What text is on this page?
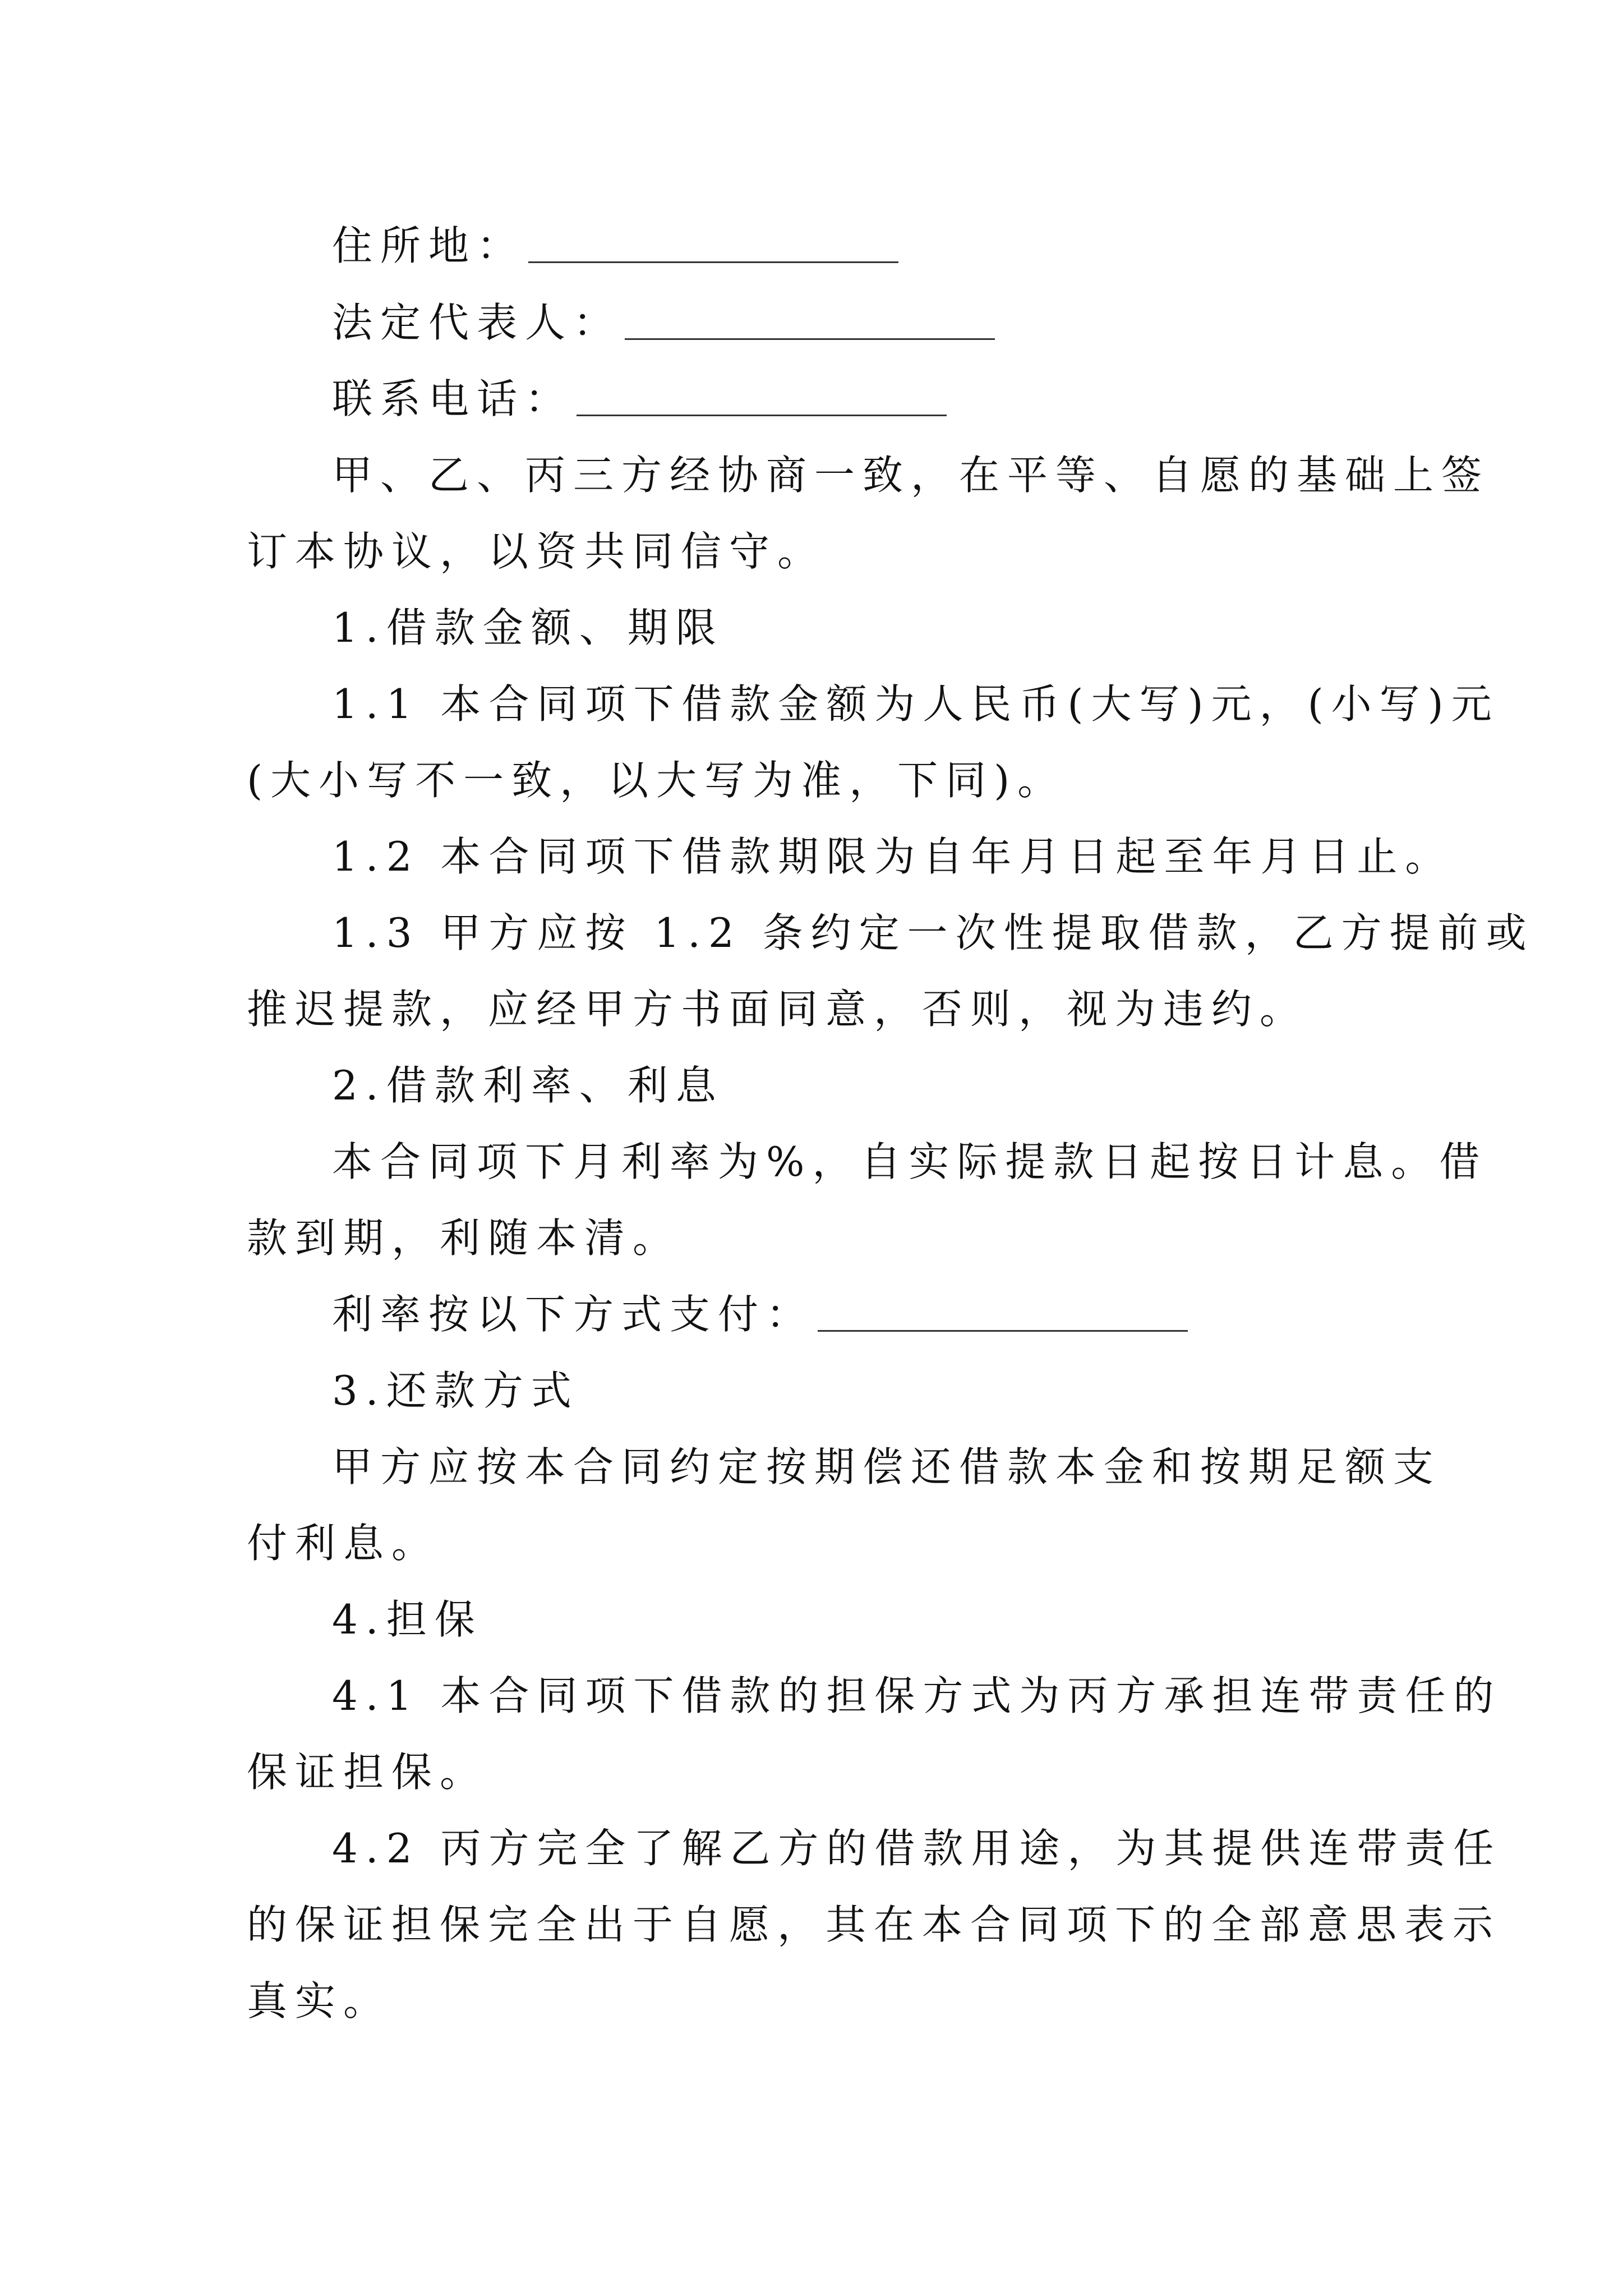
住所地：
法定代表人：
联系电话：
甲、乙、丙三方经协商一致，在平等、自愿的基础上签
订本协议，以资共同信守。
1.借款金额、期限
1.1 本合同项下借款金额为人民币(大写)元，(小写)元
(大小写不一致，以大写为准，下同)。
1.2 本合同项下借款期限为自年月日起至年月日止。
1.3 甲方应按 1.2 条约定一次性提取借款，乙方提前或
推迟提款，应经甲方书面同意，否则，视为违约。
2.借款利率、利息
本合同项下月利率为%，自实际提款日起按日计息。借
款到期，利随本清。
利率按以下方式支付：
3.还款方式
甲方应按本合同约定按期偿还借款本金和按期足额支
付利息。
4.担保
4.1 本合同项下借款的担保方式为丙方承担连带责任的
保证担保。
4.2 丙方完全了解乙方的借款用途，为其提供连带责任
的保证担保完全出于自愿，其在本合同项下的全部意思表示
真实。
